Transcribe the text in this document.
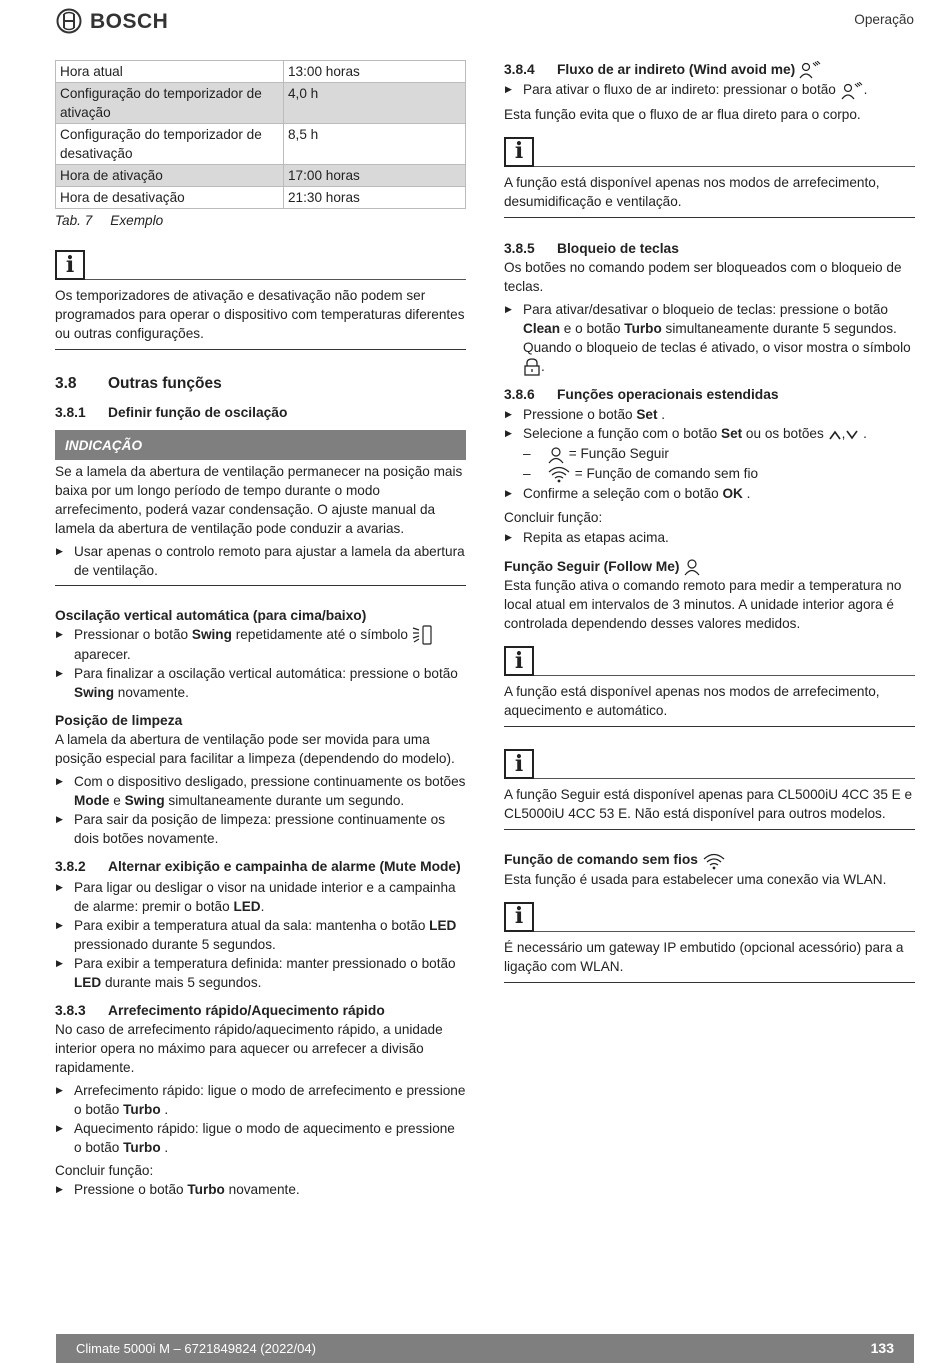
BOSCH	Operação
Hora atual	13:00 horas
Configuração do temporizador de ativação	4,0 h
Configuração do temporizador de desativação	8,5 h
Hora de ativação	17:00 horas
Hora de desativação	21:30 horas
Tab. 7 Exemplo
i

Os temporizadores de ativação e desativação não podem ser programados para operar o dispositivo com temperaturas diferentes ou outras configurações.

3.8 Outras funções
3.8.1 Definir função de oscilação
INDICAÇÃO

Se a lamela da abertura de ventilação permanecer na posição mais baixa por um longo período de tempo durante o modo arrefecimento, poderá vazar condensação. O ajuste manual da lamela da abertura de ventilação pode conduzir a avarias.

▶ Usar apenas o controlo remoto para ajustar a lamela da abertura de ventilação.
Oscilação vertical automática (para cima/baixo)
▶ Pressionar o botão Swing repetidamente até o símbolo  aparecer.
▶ Para finalizar a oscilação vertical automática: pressione o botão Swing novamente.
Posição de limpeza

A lamela da abertura de ventilação pode ser movida para uma posição especial para facilitar a limpeza (dependendo do modelo).

▶ Com o dispositivo desligado, pressione continuamente os botões Mode e Swing simultaneamente durante um segundo.
▶ Para sair da posição de limpeza: pressione continuamente os dois botões novamente.
3.8.2 Alternar exibição e campainha de alarme (Mute Mode)
▶ Para ligar ou desligar o visor na unidade interior e a campainha de alarme: premir o botão LED.
▶ Para exibir a temperatura atual da sala: mantenha o botão LED pressionado durante 5 segundos.
▶ Para exibir a temperatura definida: manter pressionado o botão LED durante mais 5 segundos.
3.8.3 Arrefecimento rápido/Aquecimento rápido

No caso de arrefecimento rápido/aquecimento rápido, a unidade interior opera no máximo para aquecer ou arrefecer a divisão rapidamente.

▶ Arrefecimento rápido: ligue o modo de arrefecimento e pressione o botão Turbo .
▶ Aquecimento rápido: ligue o modo de aquecimento e pressione o botão Turbo .

Concluir função:

▶ Pressione o botão Turbo novamente.
3.8.4 Fluxo de ar indireto (Wind avoid me)
▶ Para ativar o fluxo de ar indireto: pressionar o botão .

Esta função evita que o fluxo de ar flua direto para o corpo.

i

A função está disponível apenas nos modos de arrefecimento, desumidificação e ventilação.

3.8.5 Bloqueio de teclas

Os botões no comando podem ser bloqueados com o bloqueio de teclas.

▶ Para ativar/desativar o bloqueio de teclas: pressione o botão Clean e o botão Turbo simultaneamente durante 5 segundos.
Quando o bloqueio de teclas é ativado, o visor mostra o símbolo .
3.8.6 Funções operacionais estendidas
▶ Pressione o botão Set .
▶ Selecione a função com o botão Set ou os botões , .
– = Função Seguir
– = Função de comando sem fio
▶ Confirme a seleção com o botão OK .

Concluir função:

▶ Repita as etapas acima.
Função Seguir (Follow Me)

Esta função ativa o comando remoto para medir a temperatura no local atual em intervalos de 3 minutos. A unidade interior agora é controlada dependendo desses valores medidos.

i

A função está disponível apenas nos modos de arrefecimento, aquecimento e automático.

i

A função Seguir está disponível apenas para CL5000iU 4CC 35 E e CL5000iU 4CC 53 E. Não está disponível para outros modelos.

Função de comando sem fios

Esta função é usada para estabelecer uma conexão via WLAN.

i

É necessário um gateway IP embutido (opcional acessório) para a ligação com WLAN.

Climate 5000i M – 6721849824 (2022/04)	133
